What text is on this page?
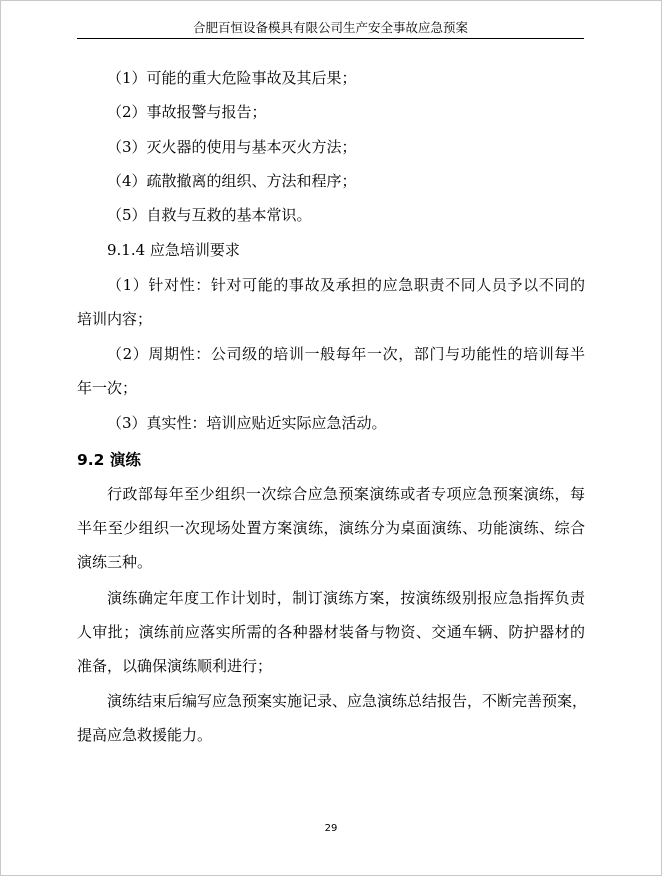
合肥百恒设备模具有限公司生产安全事故应急预案
（1）可能的重大危险事故及其后果；
（2）事故报警与报告；
（3）灭火器的使用与基本灭火方法；
（4）疏散撤离的组织、方法和程序；
（5）自救与互救的基本常识。
9.1.4 应急培训要求
（1）针对性：针对可能的事故及承担的应急职责不同人员予以不同的
培训内容；
（2）周期性：公司级的培训一般每年一次，部门与功能性的培训每半
年一次；
（3）真实性：培训应贴近实际应急活动。
9.2 演练
行政部每年至少组织一次综合应急预案演练或者专项应急预案演练，每
半年至少组织一次现场处置方案演练，演练分为桌面演练、功能演练、综合
演练三种。
演练确定年度工作计划时，制订演练方案，按演练级别报应急指挥负责
人审批；演练前应落实所需的各种器材装备与物资、交通车辆、防护器材的
准备，以确保演练顺利进行；
演练结束后编写应急预案实施记录、应急演练总结报告，不断完善预案，
提高应急救援能力。
29
